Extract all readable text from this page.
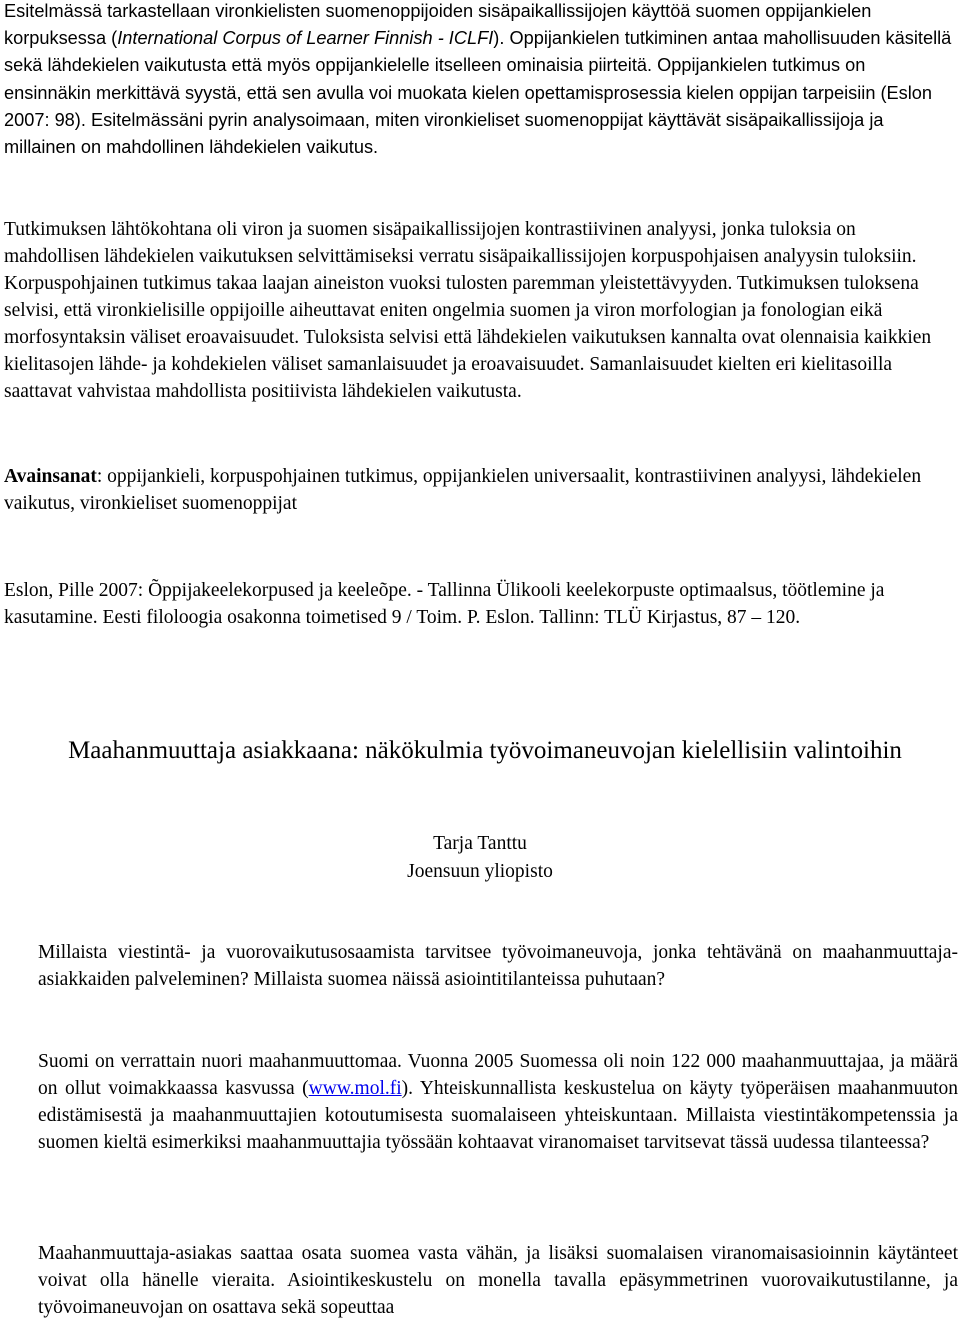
Esitelmässä tarkastellaan vironkielisten suomenoppijoiden sisäpaikallissijojen käyttöä suomen oppijankielen korpuksessa (International Corpus of Learner Finnish - ICLFI). Oppijankielen tutkiminen antaa mahollisuuden käsitellä sekä lähdekielen vaikutusta että myös oppijankielelle itselleen ominaisia piirteitä. Oppijankielen tutkimus on ensinnäkin merkittävä syystä, että sen avulla voi muokata kielen opettamisprosessia kielen oppijan tarpeisiin (Eslon 2007: 98). Esitelmässäni pyrin analysoimaan, miten vironkieliset suomenoppijat käyttävät sisäpaikallissijoja ja millainen on mahdollinen lähdekielen vaikutus.

Tutkimuksen lähtökohtana oli viron ja suomen sisäpaikallissijojen kontrastiivinen analyysi, jonka tuloksia on mahdollisen lähdekielen vaikutuksen selvittämiseksi verratu sisäpaikallissijojen korpuspohjaisen analyysin tuloksiin. Korpuspohjainen tutkimus takaa laajan aineiston vuoksi tulosten paremman yleistettävyyden. Tutkimuksen tuloksena selvisi, että vironkielisille oppijoille aiheuttavat eniten ongelmia suomen ja viron morfologian ja fonologian eikä morfosyntaksin väliset eroavaisuudet. Tuloksista selvisi että lähdekielen vaikutuksen kannalta ovat olennaisia kaikkien kielitasojen lähde- ja kohdekielen väliset samanlaisuudet ja eroavaisuudet. Samanlaisuudet kielten eri kielitasoilla saattavat vahvistaa mahdollista positiivista lähdekielen vaikutusta.

Avainsanat: oppijankieli, korpuspohjainen tutkimus, oppijankielen universaalit, kontrastiivinen analyysi, lähdekielen vaikutus, vironkieliset suomenoppijat

Eslon, Pille 2007: Õppijakeelekorpused ja keeleõpe. - Tallinna Ülikooli keelekorpuste optimaalsus, töötlemine ja kasutamine. Eesti filoloogia osakonna toimetised 9 / Toim. P. Eslon. Tallinn: TLÜ Kirjastus, 87 – 120.

Maahanmuuttaja asiakkaana: näkökulmia työvoimaneuvojan kielellisiin valintoihin
Tarja Tanttu
Joensuun yliopisto

Millaista viestintä- ja vuorovaikutusosaamista tarvitsee työvoimaneuvoja, jonka tehtävänä on maahanmuuttaja-asiakkaiden palveleminen? Millaista suomea näissä asiointitilanteissa puhutaan?

Suomi on verrattain nuori maahanmuuttomaa. Vuonna 2005 Suomessa oli noin 122 000 maahanmuuttajaa, ja määrä on ollut voimakkaassa kasvussa (www.mol.fi). Yhteiskunnallista keskustelua on käyty työperäisen maahanmuuton edistämisestä ja maahanmuuttajien kotoutumisesta suomalaiseen yhteiskuntaan. Millaista viestintäkompetenssia ja suomen kieltä esimerkiksi maahanmuuttajia työssään kohtaavat viranomaiset tarvitsevat tässä uudessa tilanteessa?

Maahanmuuttaja-asiakas saattaa osata suomea vasta vähän, ja lisäksi suomalaisen viranomaisasioinnin käytänteet voivat olla hänelle vieraita. Asiointikeskustelu on monella tavalla epäsymmetrinen vuorovaikutustilanne, ja työvoimaneuvojan on osattava sekä sopeuttaa
